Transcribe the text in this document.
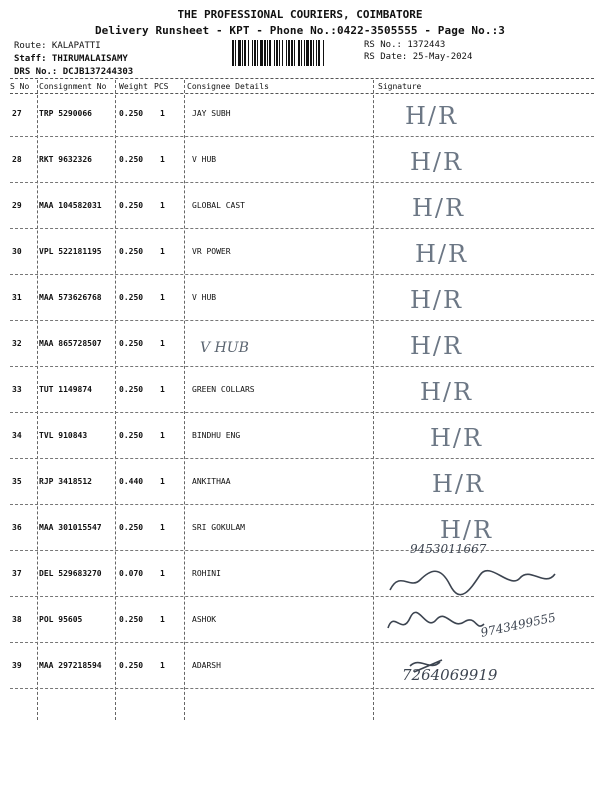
THE PROFESSIONAL COURIERS, COIMBATORE
Delivery Runsheet - KPT - Phone No.:0422-3505555 - Page No.:3
Route: KALAPATTI
Staff: THIRUMALAISAMY
DRS No.: DCJB137244303
RS No.: 1372443
RS Date: 25-May-2024
S No Consignment No Weight PCS Consignee Details	Signature
27 TRP 5290066	0.250 1	JAY SUBH	H/R
28 RKT 9632326	0.250 1	V HUB	H/R
29 MAA 104582031 0.250 1	GLOBAL CAST	H/R
30 VPL 522181195 0.250 1	VR POWER	H/R
31 MAA 573626768 0.250 1	V HUB	H/R
32 MAA 865728507 0.250 1	V HUB	H/R
33 TUT 1149874	0.250 1	GREEN COLLARS	H/R
34 TVL 910843	0.250 1	BINDHU ENG	H/R
35 RJP 3418512	0.440 1	ANKITHAA	H/R
36 MAA 301015547 0.250 1	SRI GOKULAM	H/R
37 DEL 529683270 0.070 1	ROHINI
9453011667
38 POL 95605	0.250 1	ASHOK	9743499555
39 MAA 297218594 0.250 1	ADARSH
7264069919
